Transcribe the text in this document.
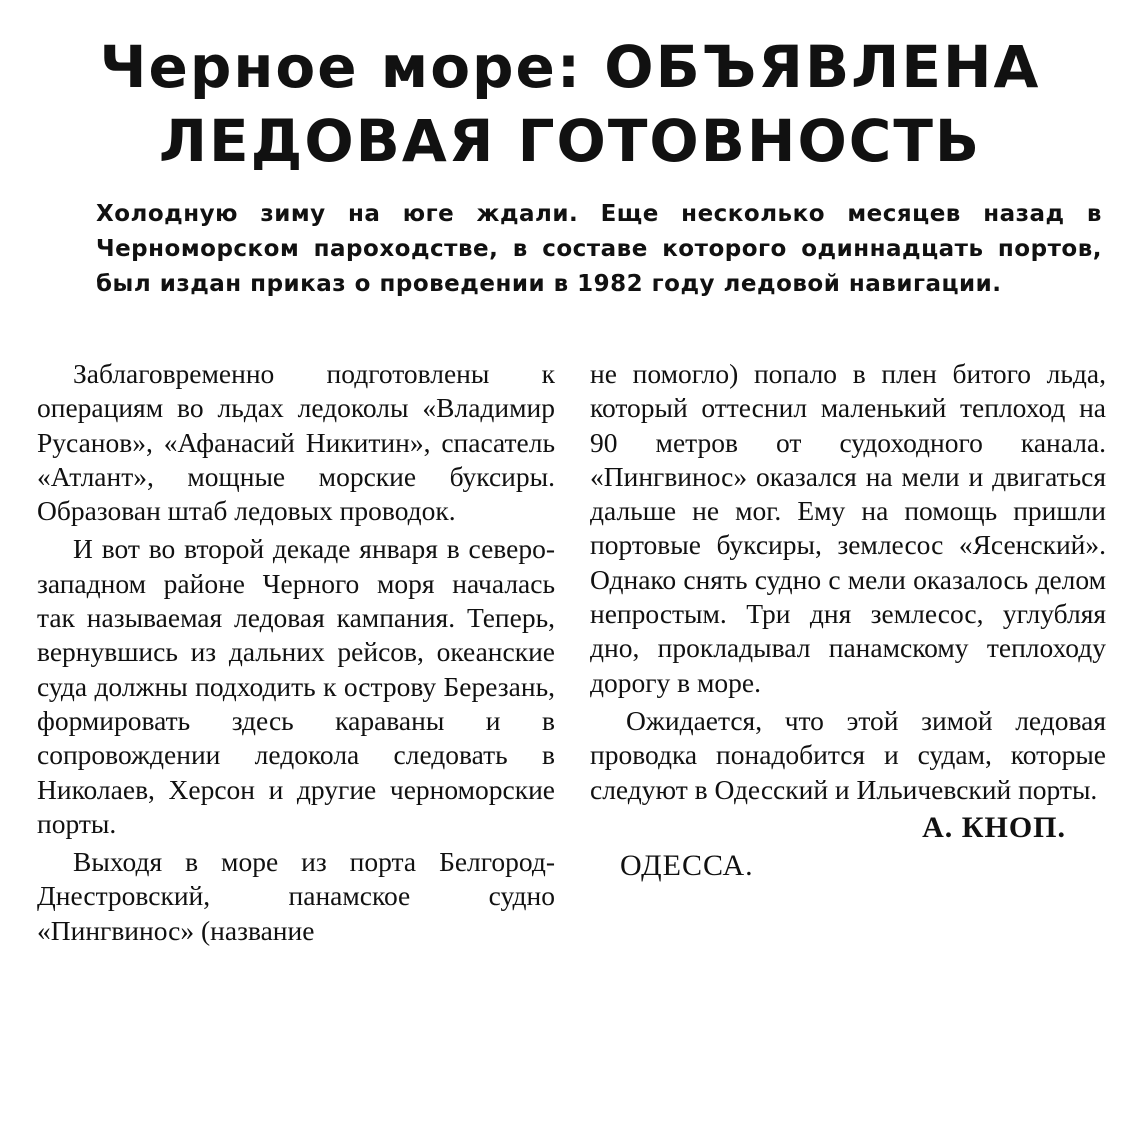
Черное море: ОБЪЯВЛЕНА
ЛЕДОВАЯ ГОТОВНОСТЬ

Холодную зиму на юге ждали. Еще несколько месяцев назад в Черноморском пароходстве, в составе которого одиннадцать портов, был издан приказ о проведении в 1982 году ледовой навигации.

Заблаговременно подготовлены к операциям во льдах ледоколы «Владимир Русанов», «Афанасий Никитин», спасатель «Атлант», мощные морские буксиры. Образован штаб ледовых проводок.

И вот во второй декаде января в северо-западном районе Черного моря началась так называемая ледовая кампания. Теперь, вернувшись из дальних рейсов, океанские суда должны подходить к острову Березань, формировать здесь караваны и в сопровождении ледокола следовать в Николаев, Херсон и другие черноморские порты.

Выходя в море из порта Белгород-Днестровский, панамское судно «Пингвинос» (название

не помогло) попало в плен битого льда, который оттеснил маленький теплоход на 90 метров от судоходного канала. «Пингвинос» оказался на мели и двигаться дальше не мог. Ему на помощь пришли портовые буксиры, землесос «Ясенский». Однако снять судно с мели оказалось делом непростым. Три дня землесос, углубляя дно, прокладывал панамскому теплоходу дорогу в море.

Ожидается, что этой зимой ледовая проводка понадобится и судам, которые следуют в Одесский и Ильичевский порты.

А. КНОП.
ОДЕССА.
